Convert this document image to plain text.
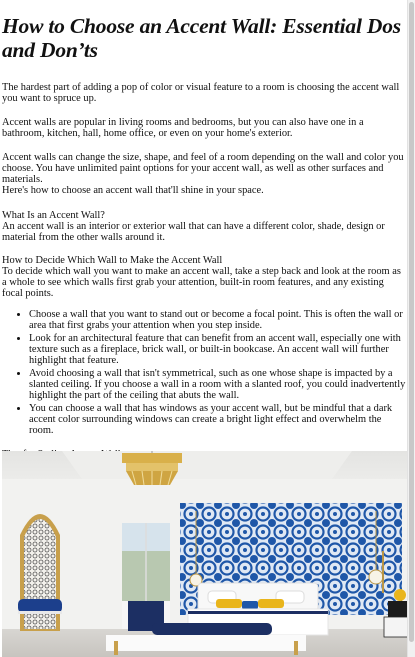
How to Choose an Accent Wall: Essential Dos and Don’ts

The hardest part of adding a pop of color or visual feature to a room is choosing the accent wall you want to spruce up.

Accent walls are popular in living rooms and bedrooms, but you can also have one in a bathroom, kitchen, hall, home office, or even on your home's exterior.

Accent walls can change the size, shape, and feel of a room depending on the wall and color you choose. You have unlimited paint options for your accent wall, as well as other surfaces and materials.

Here's how to choose an accent wall that'll shine in your space.

What Is an Accent Wall?

An accent wall is an interior or exterior wall that can have a different color, shade, design or material from the other walls around it.

How to Decide Which Wall to Make the Accent Wall

To decide which wall you want to make an accent wall, take a step back and look at the room as a whole to see which walls first grab your attention, built-in room features, and any existing focal points.

• Choose a wall that you want to stand out or become a focal point. This is often the wall or area that first grabs your attention when you step inside.
• Look for an architectural feature that can benefit from an accent wall, especially one with texture such as a fireplace, brick wall, or built-in bookcase. An accent wall will further highlight that feature.
• Avoid choosing a wall that isn't symmetrical, such as one whose shape is impacted by a slanted ceiling. If you choose a wall in a room with a slanted roof, you could inadvertently highlight the part of the ceiling that abuts the wall.
• You can choose a wall that has windows as your accent wall, but be mindful that a dark accent color surrounding windows can create a bright light effect and overwhelm the room.
